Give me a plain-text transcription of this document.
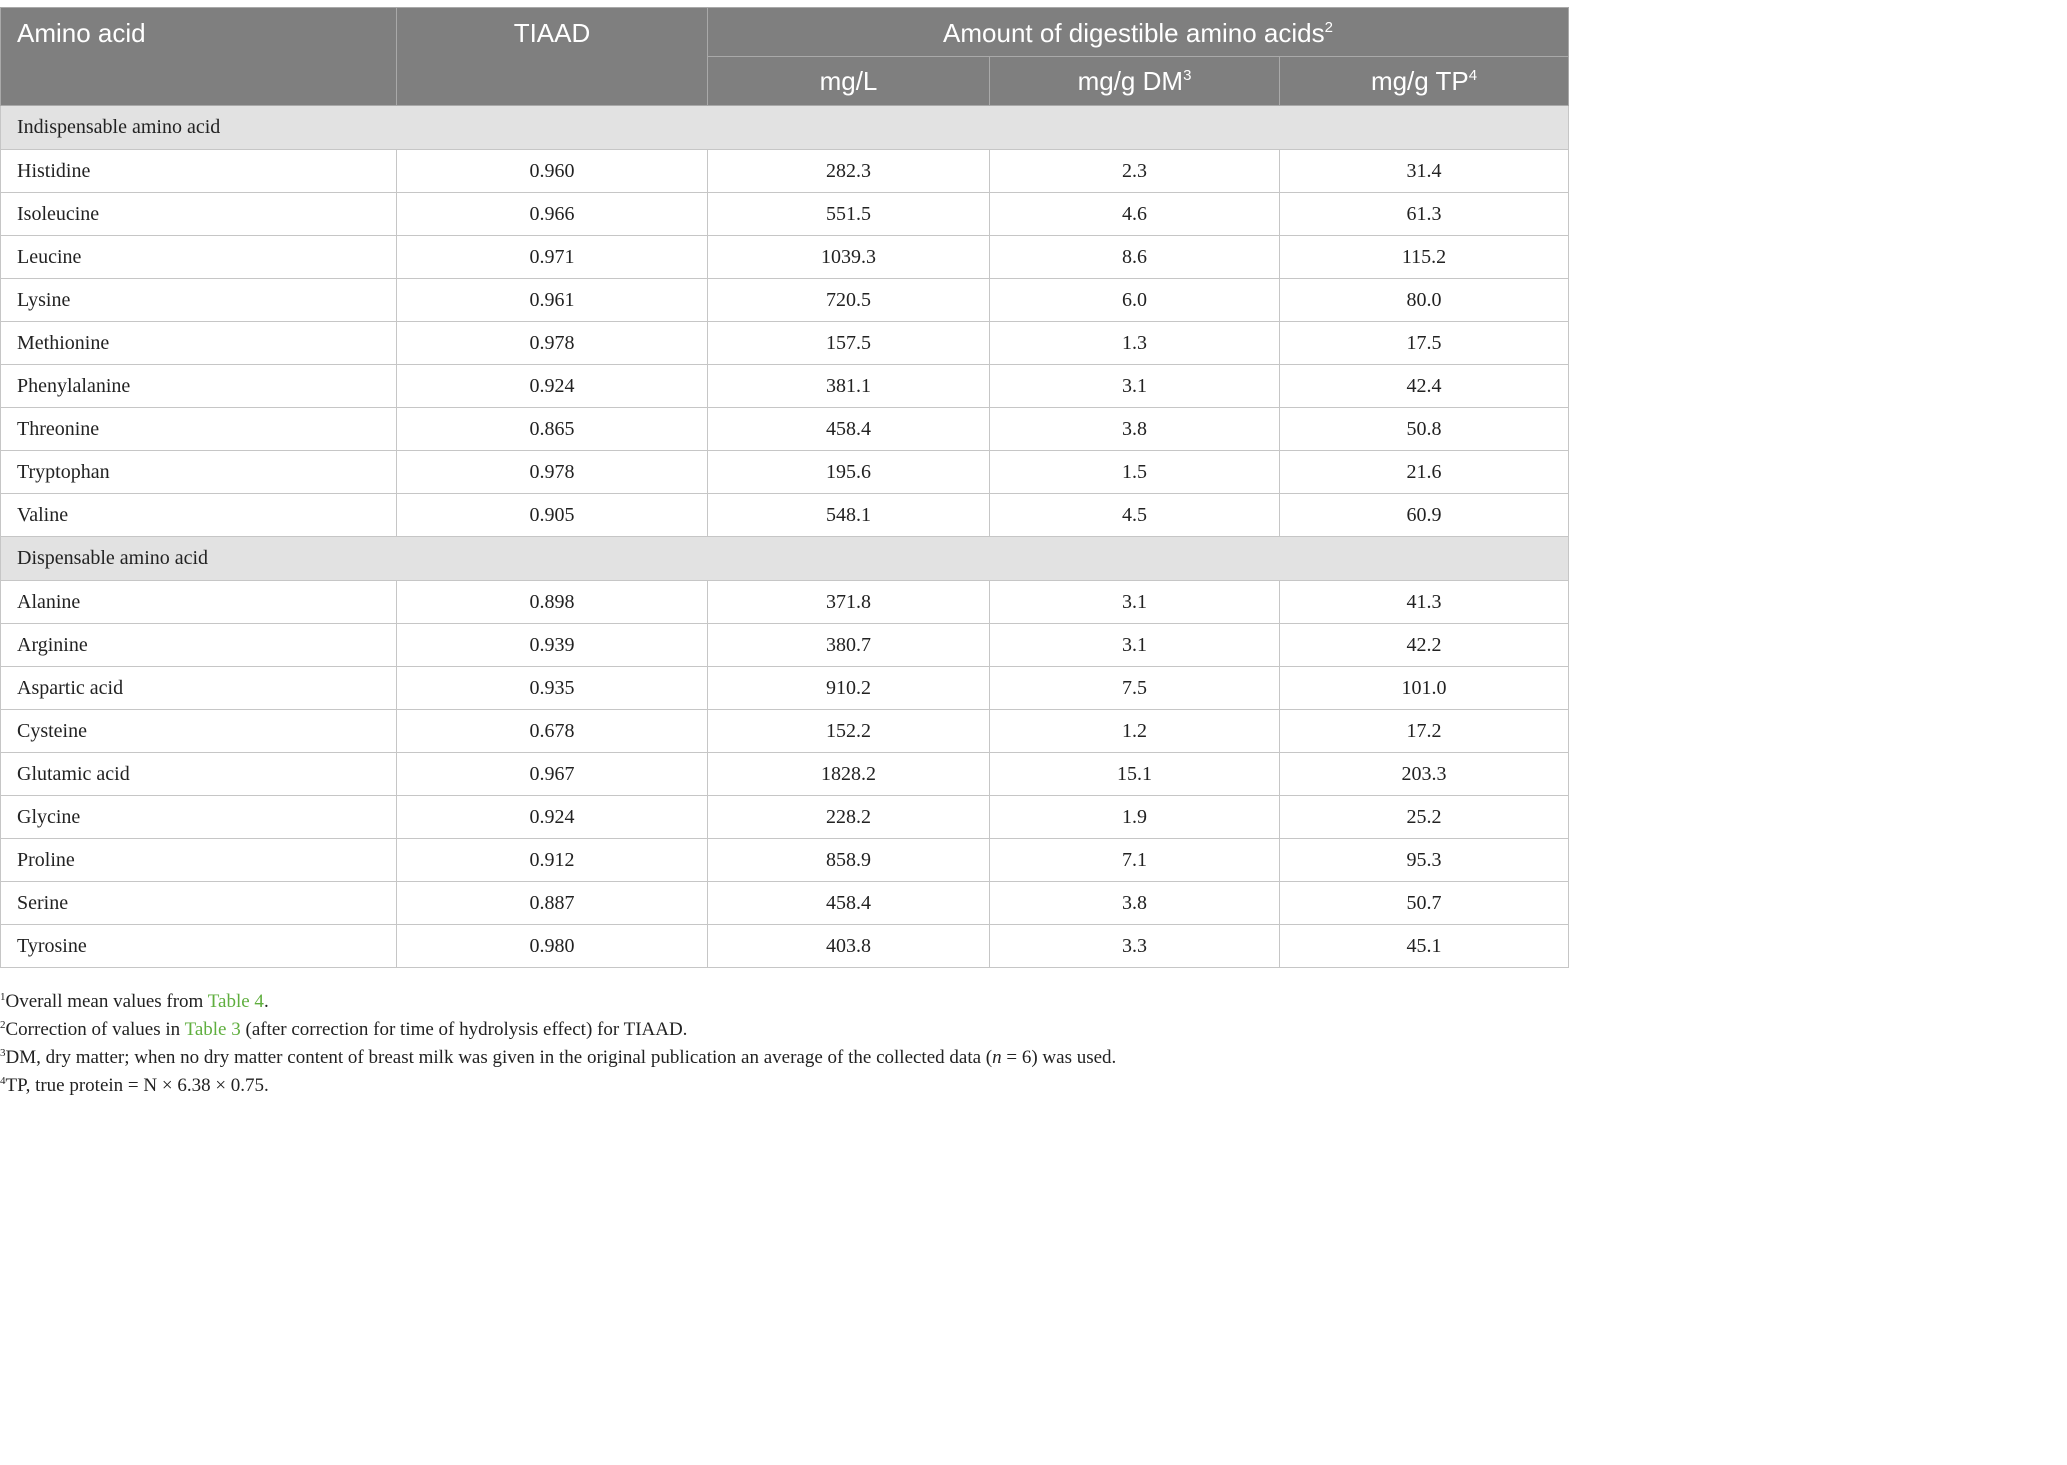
Amino acid	TIAAD	Amount of digestible amino acids$^2$
		mg/L	mg/g $DM^3$	mg/g $TP^4$
Indispensable amino acid				
Histidine	0.960	282.3	2.3	31.4
Isoleucine	0.966	551.5	4.6	61.3
Leucine	0.971	1039.3	8.6	115.2
Lysine	0.961	720.5	6.0	80.0
Methionine	0.978	157.5	1.3	17.5
Phenylalanine	0.924	381.1	3.1	42.4
Threonine	0.865	458.4	3.8	50.8
Tryptophan	0.978	195.6	1.5	21.6
Valine	0.905	548.1	4.5	60.9
Dispensable amino acid				
Alanine	0.898	371.8	3.1	41.3
Arginine	0.939	380.7	3.1	42.2
Aspartic acid	0.935	910.2	7.5	101.0
Cysteine	0.678	152.2	1.2	17.2
Glutamic acid	0.967	1828.2	15.1	203.3
Glycine	0.924	228.2	1.9	25.2
Proline	0.912	858.9	7.1	95.3
Serine	0.887	458.4	3.8	50.7
Tyrosine	0.980	403.8	3.3	45.1

$^1$Overall mean values from Table 4.

$^2$Correction of values in Table 3 (after correction for time of hydrolysis effect) for TIAAD.

$^3$DM, dry matter; when no dry matter content of breast milk was given in the original publication an average of the collected data (n = 6) was used.

$^4$TP, true protein = N × 6.38 × 0.75.
